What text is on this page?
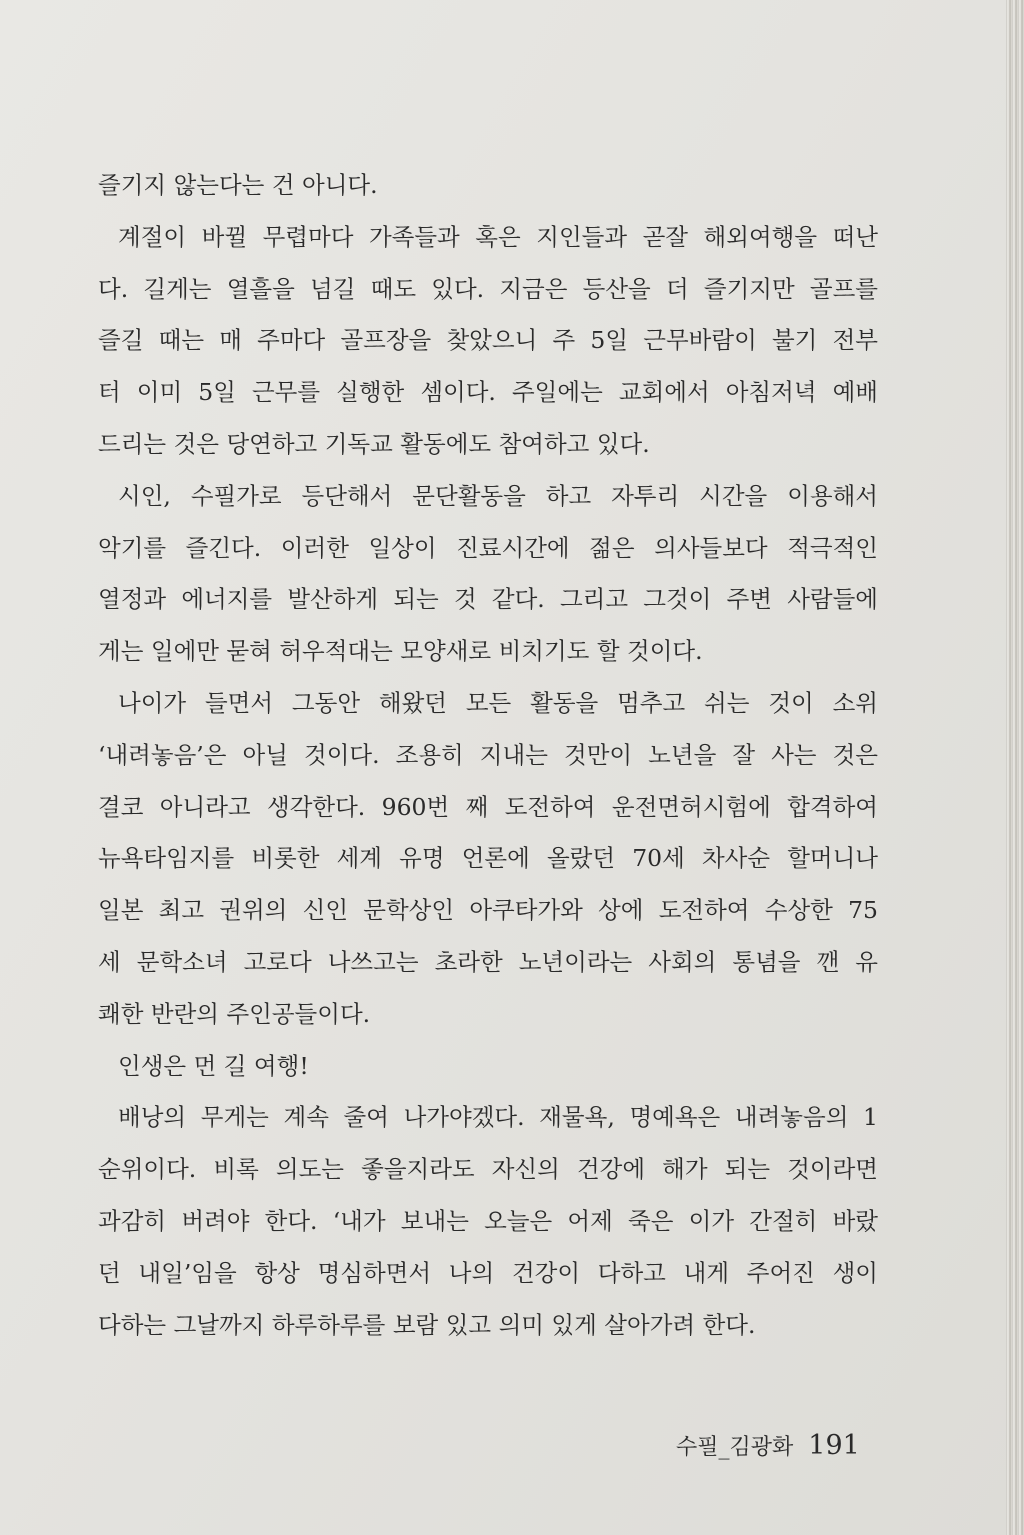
즐기지 않는다는 건 아니다.
계절이 바뀔 무렵마다 가족들과 혹은 지인들과 곧잘 해외여행을 떠난
다. 길게는 열흘을 넘길 때도 있다. 지금은 등산을 더 즐기지만 골프를
즐길 때는 매 주마다 골프장을 찾았으니 주 5일 근무바람이 불기 전부
터 이미 5일 근무를 실행한 셈이다. 주일에는 교회에서 아침저녁 예배
드리는 것은 당연하고 기독교 활동에도 참여하고 있다.
시인, 수필가로 등단해서 문단활동을 하고 자투리 시간을 이용해서
악기를 즐긴다. 이러한 일상이 진료시간에 젊은 의사들보다 적극적인
열정과 에너지를 발산하게 되는 것 같다. 그리고 그것이 주변 사람들에
게는 일에만 묻혀 허우적대는 모양새로 비치기도 할 것이다.
나이가 들면서 그동안 해왔던 모든 활동을 멈추고 쉬는 것이 소위
‘내려놓음’은 아닐 것이다. 조용히 지내는 것만이 노년을 잘 사는 것은
결코 아니라고 생각한다. 960번 째 도전하여 운전면허시험에 합격하여
뉴욕타임지를 비롯한 세계 유명 언론에 올랐던 70세 차사순 할머니나
일본 최고 권위의 신인 문학상인 아쿠타가와 상에 도전하여 수상한 75
세 문학소녀 고로다 나쓰고는 초라한 노년이라는 사회의 통념을 깬 유
쾌한 반란의 주인공들이다.
인생은 먼 길 여행!
배낭의 무게는 계속 줄여 나가야겠다. 재물욕, 명예욕은 내려놓음의 1
순위이다. 비록 의도는 좋을지라도 자신의 건강에 해가 되는 것이라면
과감히 버려야 한다. ‘내가 보내는 오늘은 어제 죽은 이가 간절히 바랐
던 내일’임을 항상 명심하면서 나의 건강이 다하고 내게 주어진 생이
다하는 그날까지 하루하루를 보람 있고 의미 있게 살아가려 한다.
수필_김광화 191
